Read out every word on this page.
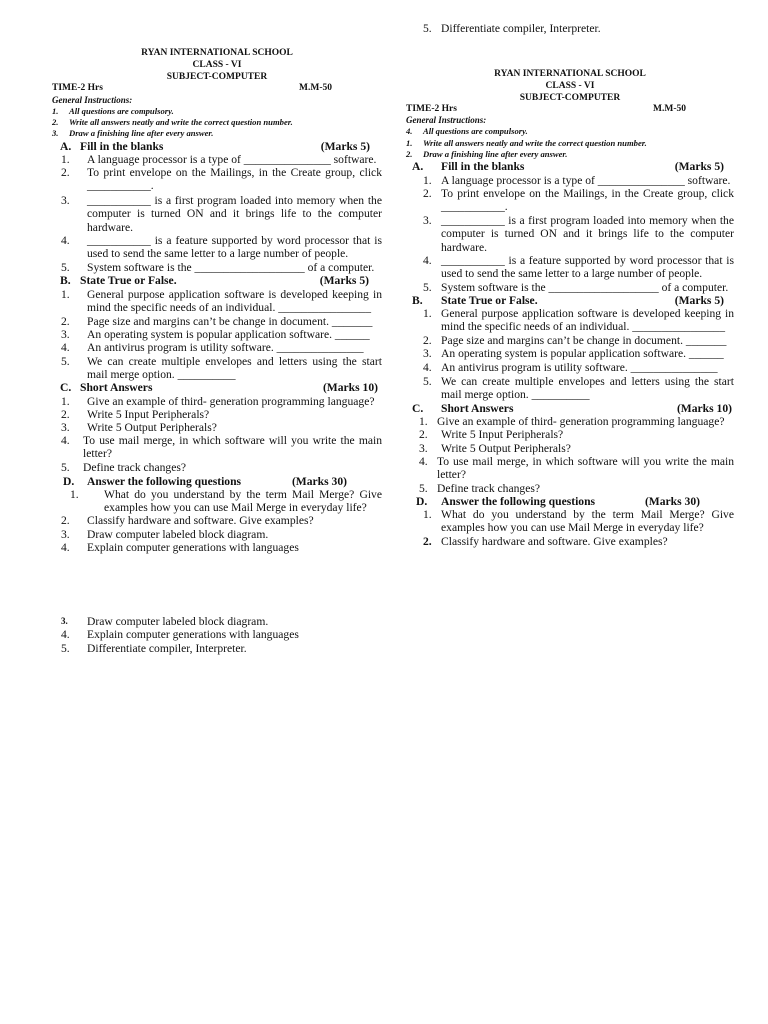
RYAN INTERNATIONAL SCHOOL
CLASS - VI
SUBJECT-COMPUTER
TIME-2 Hrs	M.M-50
General Instructions:
1.	All questions are compulsory.
2.	Write all answers neatly and write the correct question number.
3.	Draw a finishing line after every answer.
A. Fill in the blanks	(Marks 5)
1.	A language processor is a type of _______________ software.
2.	To print envelope on the Mailings, in the Create group, click ___________.
3.	___________ is a first program loaded into memory when the computer is turned ON and it brings life to the computer hardware.
4.	___________ is a feature supported by word processor that is used to send the same letter to a large number of people.
5.	System software is the ___________________ of a computer.
B. State True or False.	(Marks 5)
1.	General purpose application software is developed keeping in mind the specific needs of an individual. ________________
2.	Page size and margins can’t be change in document. _______
3.	An operating system is popular application software. ______
4.	An antivirus program is utility software. _______________
5.	We can create multiple envelopes and letters using the start mail merge option. __________
C. Short Answers	(Marks 10)
1.	Give an example of third- generation programming language?
2.	Write 5 Input Peripherals?
3.	Write 5 Output Peripherals?
4.	To use mail merge, in which software will you write the main letter?
5.	Define track changes?
D.	Answer the following questions	(Marks 30)
1.	What do you understand by the term Mail Merge? Give examples how you can use Mail Merge in everyday life?
2.	Classify hardware and software. Give examples?
3.	Draw computer labeled block diagram.
4.	Explain computer generations with languages
3.	Draw computer labeled block diagram.
4.	Explain computer generations with languages
5.	Differentiate compiler, Interpreter.
5. Differentiate compiler, Interpreter.
RYAN INTERNATIONAL SCHOOL
CLASS - VI
SUBJECT-COMPUTER
TIME-2 Hrs	M.M-50
General Instructions:
4.	All questions are compulsory.
1.	Write all answers neatly and write the correct question number.
2.	Draw a finishing line after every answer.
A.	Fill in the blanks	(Marks 5)
1. A language processor is a type of _______________ software.
2. To print envelope on the Mailings, in the Create group, click ___________.
3. ___________ is a first program loaded into memory when the computer is turned ON and it brings life to the computer hardware.
4. ___________ is a feature supported by word processor that is used to send the same letter to a large number of people.
5. System software is the ___________________ of a computer.
B.	State True or False.	(Marks 5)
1. General purpose application software is developed keeping in mind the specific needs of an individual. ________________
2. Page size and margins can’t be change in document. _______
3. An operating system is popular application software. ______
4. An antivirus program is utility software. _______________
5. We can create multiple envelopes and letters using the start mail merge option. __________
C.	Short Answers	(Marks 10)
1. Give an example of third- generation programming language?
2.	Write 5 Input Peripherals?
3.	Write 5 Output Peripherals?
4. To use mail merge, in which software will you write the main letter?
5. Define track changes?
D.	Answer the following questions	(Marks 30)
1. What do you understand by the term Mail Merge? Give examples how you can use Mail Merge in everyday life?
2. Classify hardware and software. Give examples?
